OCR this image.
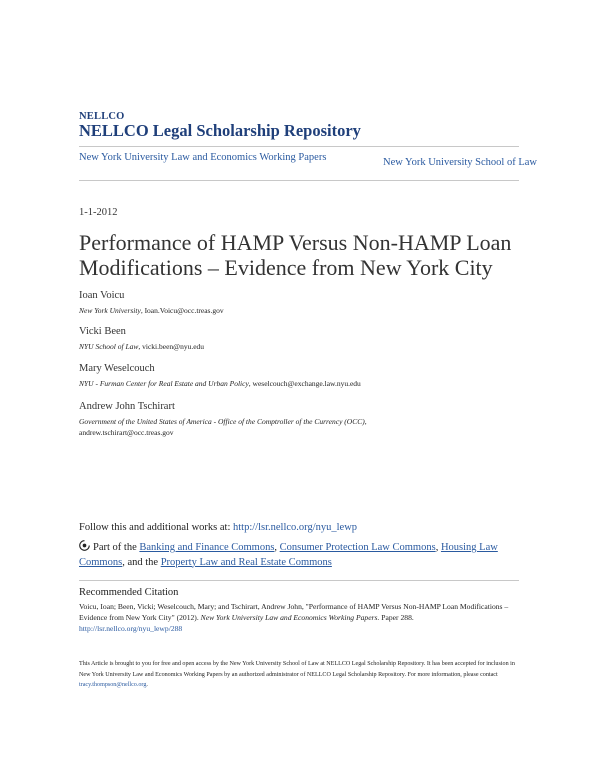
NELLCO
NELLCO Legal Scholarship Repository
New York University Law and Economics Working Papers	New York University School of Law
1-1-2012
Performance of HAMP Versus Non-HAMP Loan Modifications – Evidence from New York City
Ioan Voicu
New York University, Ioan.Voicu@occ.treas.gov
Vicki Been
NYU School of Law, vicki.been@nyu.edu
Mary Weselcouch
NYU - Furman Center for Real Estate and Urban Policy, weselcouch@exchange.law.nyu.edu
Andrew John Tschirart
Government of the United States of America - Office of the Comptroller of the Currency (OCC),
andrew.tschirart@occ.treas.gov
Follow this and additional works at: http://lsr.nellco.org/nyu_lewp
Part of the Banking and Finance Commons, Consumer Protection Law Commons, Housing Law Commons, and the Property Law and Real Estate Commons
Recommended Citation
Voicu, Ioan; Been, Vicki; Weselcouch, Mary; and Tschirart, Andrew John, "Performance of HAMP Versus Non-HAMP Loan Modifications – Evidence from New York City" (2012). New York University Law and Economics Working Papers. Paper 288.
http://lsr.nellco.org/nyu_lewp/288
This Article is brought to you for free and open access by the New York University School of Law at NELLCO Legal Scholarship Repository. It has been accepted for inclusion in New York University Law and Economics Working Papers by an authorized administrator of NELLCO Legal Scholarship Repository. For more information, please contact tracy.thompson@nellco.org.
